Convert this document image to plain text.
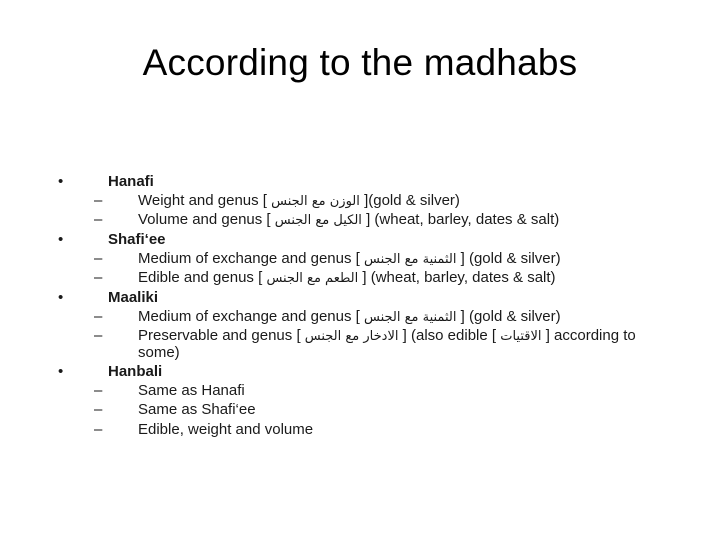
According to the madhabs
•	Hanafi
–	Weight and genus [ الوزن مع الجنس ](gold & silver)
–	Volume and genus [ الكيل مع الجنس ] (wheat, barley, dates & salt)
•	Shafi‘ee
–	Medium of exchange and genus [ الثمنية مع الجنس ] (gold & silver)
–	Edible and genus [ الطعم مع الجنس ] (wheat, barley, dates & salt)
•	Maaliki
–	Medium of exchange and genus [ الثمنية مع الجنس ] (gold & silver)
–	Preservable and genus [ الادخار مع الجنس ] (also edible [ الاقتيات ] according to
some)
•	Hanbali
–	Same as Hanafi
–	Same as Shafi‘ee
–	Edible, weight and volume
